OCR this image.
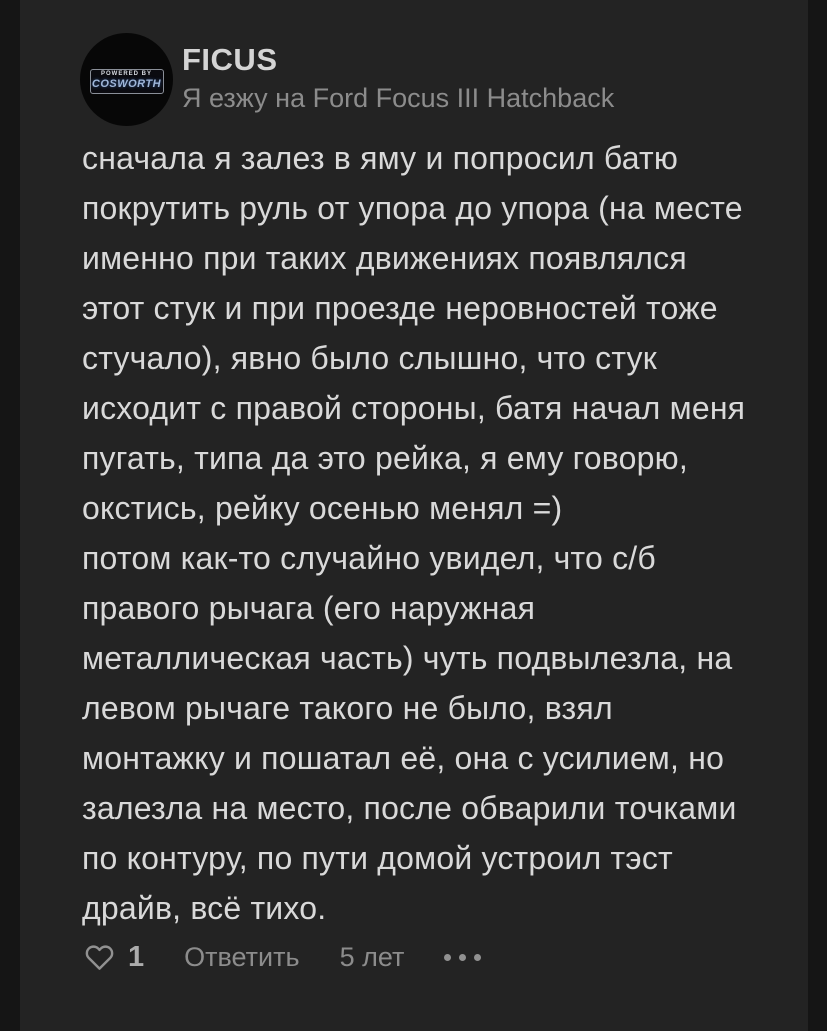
POWERED BY
COSWORTH
FICUS
Я езжу на Ford Focus III Hatchback
сначала я залез в яму и попросил батю
покрутить руль от упора до упора (на месте
именно при таких движениях появлялся
этот стук и при проезде неровностей тоже
стучало), явно было слышно, что стук
исходит с правой стороны, батя начал меня
пугать, типа да это рейка, я ему говорю,
окстись, рейку осенью менял =)
потом как-то случайно увидел, что с/б
правого рычага (его наружная
металлическая часть) чуть подвылезла, на
левом рычаге такого не было, взял
монтажку и пошатал её, она с усилием, но
залезла на место, после обварили точками
по контуру, по пути домой устроил тэст
драйв, всё тихо.
1 Ответить 5 лет
